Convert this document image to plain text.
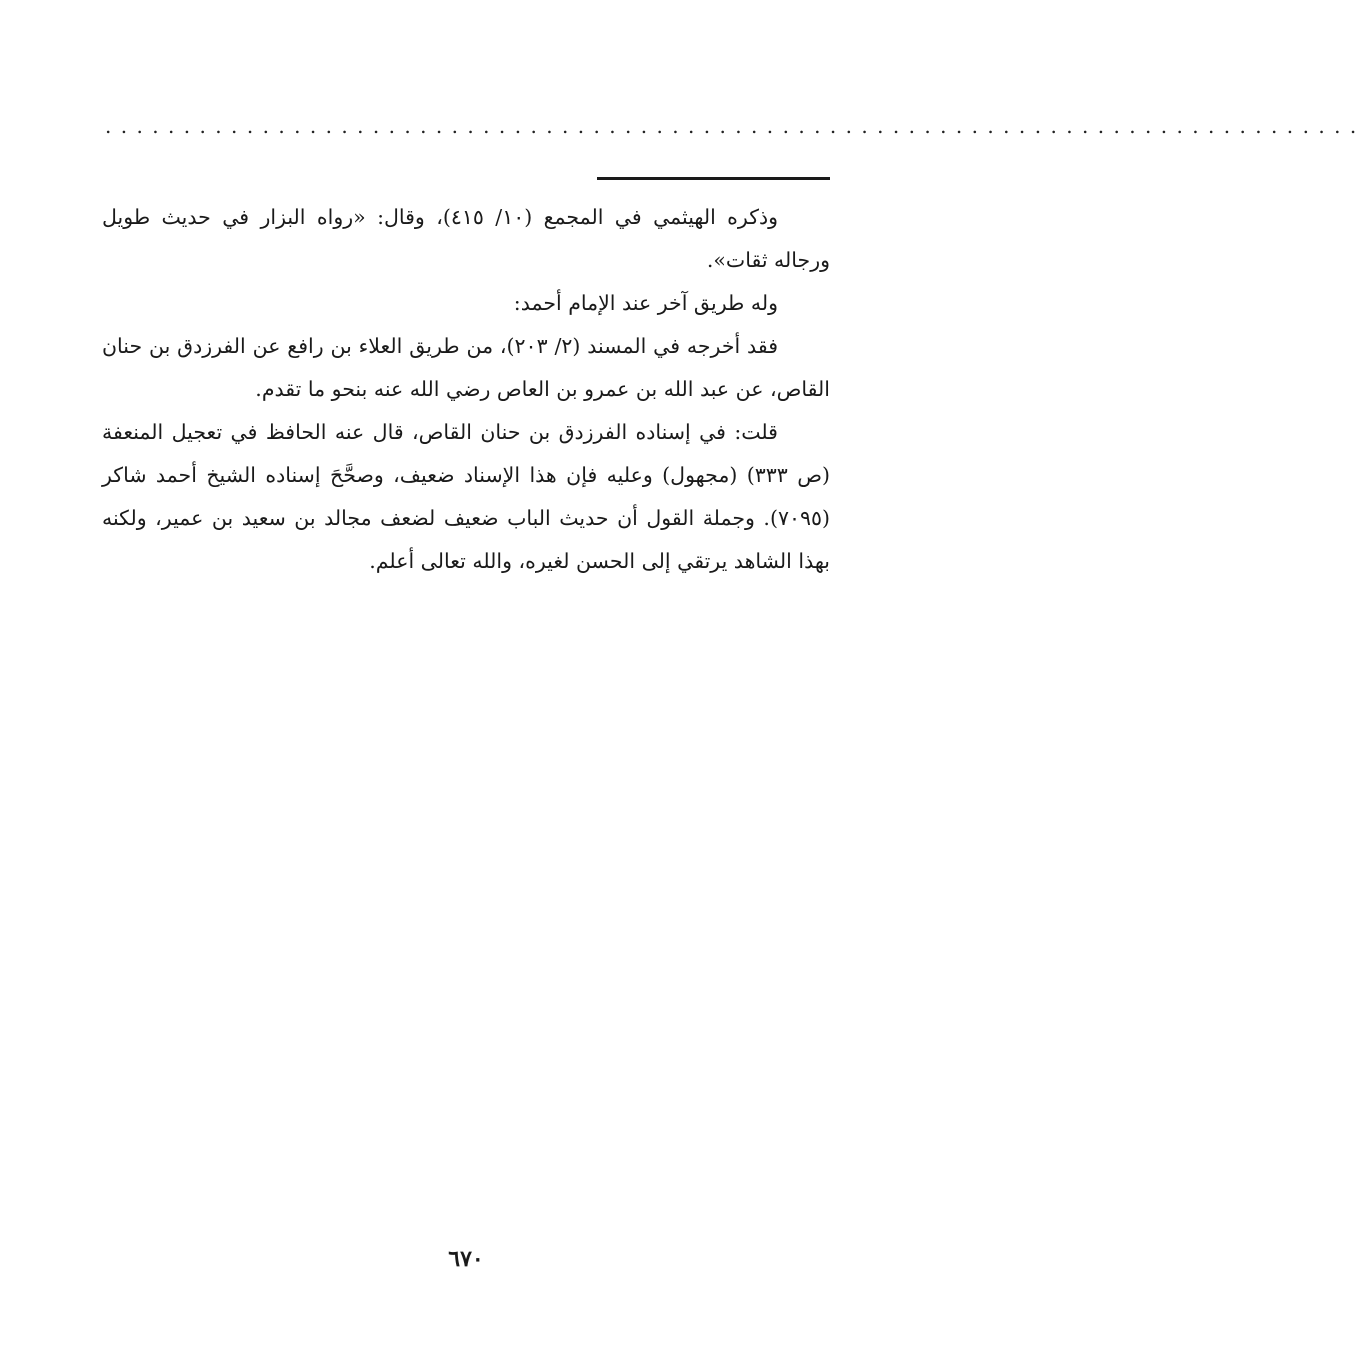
................................................................................

وذكره الهيثمي في المجمع (١٠/ ٤١٥)، وقال: «رواه البزار في حديث طويل ورجاله ثقات».

وله طريق آخر عند الإمام أحمد:

فقد أخرجه في المسند (٢/ ٢٠٣)، من طريق العلاء بن رافع عن الفرزدق بن حنان القاص، عن عبد الله بن عمرو بن العاص رضي الله عنه بنحو ما تقدم.

قلت: في إسناده الفرزدق بن حنان القاص، قال عنه الحافظ في تعجيل المنعفة (ص ٣٣٣) (مجهول) وعليه فإن هذا الإسناد ضعيف، وصحَّحَ إسناده الشيخ أحمد شاكر (٧٠٩٥). وجملة القول أن حديث الباب ضعيف لضعف مجالد بن سعيد بن عمير، ولكنه بهذا الشاهد يرتقي إلى الحسن لغيره، والله تعالى أعلم.

٦٧٠
